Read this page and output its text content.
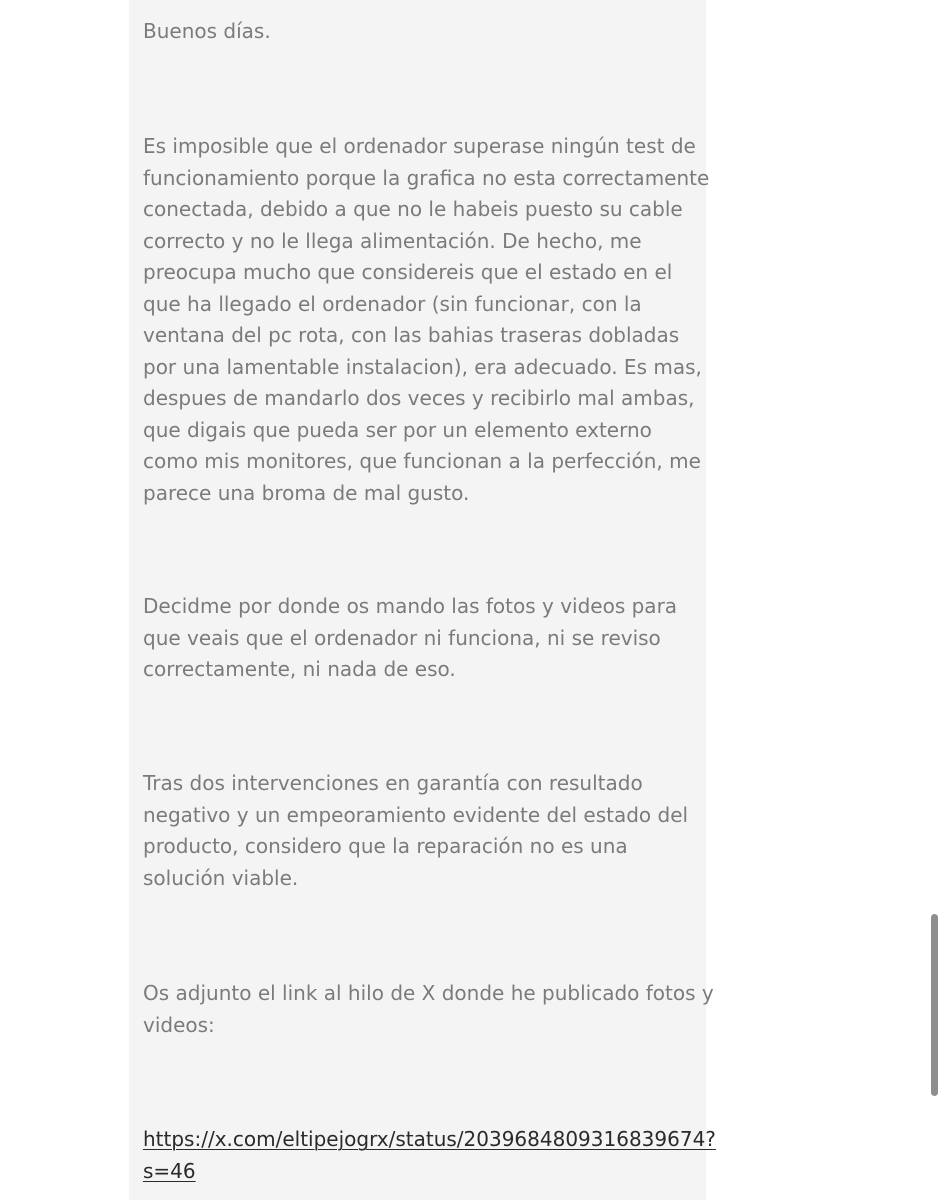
Buenos días.

Es imposible que el ordenador superase ningún test de
funcionamiento porque la grafica no esta correctamente
conectada, debido a que no le habeis puesto su cable
correcto y no le llega alimentación. De hecho, me
preocupa mucho que considereis que el estado en el
que ha llegado el ordenador (sin funcionar, con la
ventana del pc rota, con las bahias traseras dobladas
por una lamentable instalacion), era adecuado. Es mas,
despues de mandarlo dos veces y recibirlo mal ambas,
que digais que pueda ser por un elemento externo
como mis monitores, que funcionan a la perfección, me
parece una broma de mal gusto.

Decidme por donde os mando las fotos y videos para
que veais que el ordenador ni funciona, ni se reviso
correctamente, ni nada de eso.

Tras dos intervenciones en garantía con resultado
negativo y un empeoramiento evidente del estado del
producto, considero que la reparación no es una
solución viable.

Os adjunto el link al hilo de X donde he publicado fotos y
videos:

https://x.com/eltipejogrx/status/2039684809316839674?
s=46
